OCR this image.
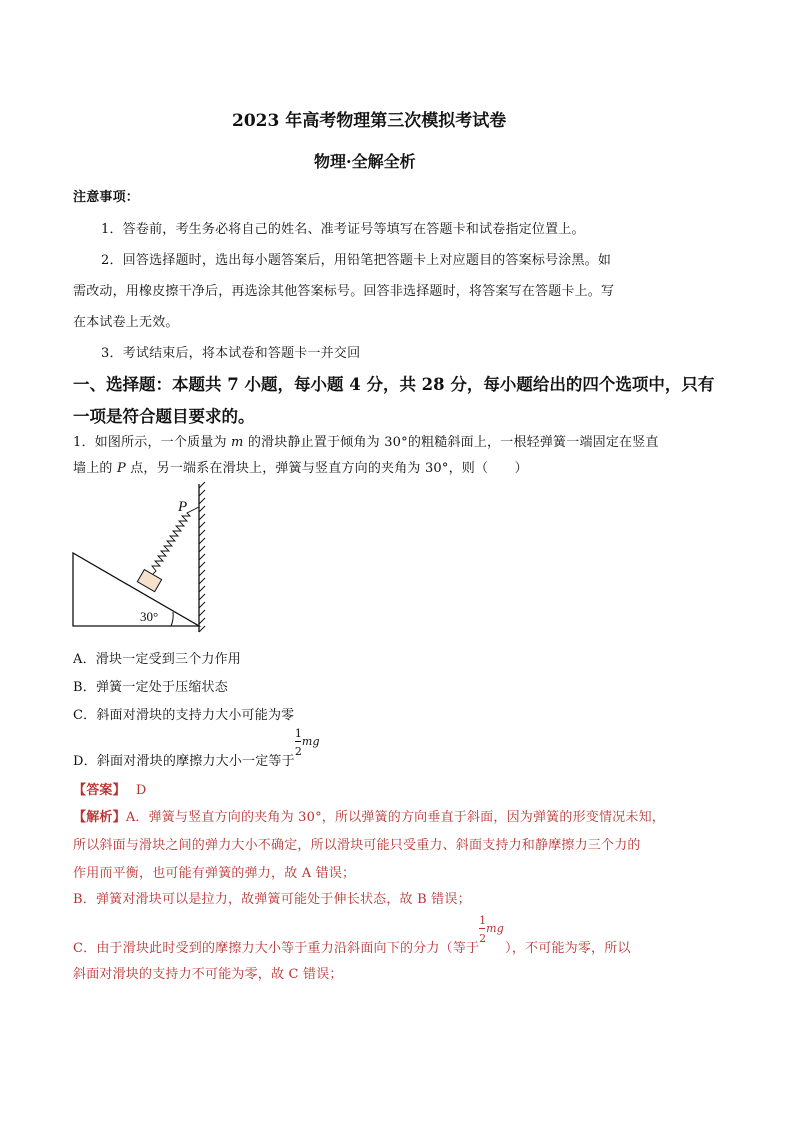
2023 年高考物理第三次模拟考试卷
物理·全解全析
注意事项：
1．答卷前，考生务必将自己的姓名、准考证号等填写在答题卡和试卷指定位置上。
2．回答选择题时，选出每小题答案后，用铅笔把答题卡上对应题目的答案标号涂黑。如
需改动，用橡皮擦干净后，再选涂其他答案标号。回答非选择题时，将答案写在答题卡上。写
在本试卷上无效。
3．考试结束后，将本试卷和答题卡一并交回
一、选择题：本题共 7 小题，每小题 4 分，共 28 分，每小题给出的四个选项中，只有
一项是符合题目要求的。
1．如图所示，一个质量为 m 的滑块静止置于倾角为 30°的粗糙斜面上，一根轻弹簧一端固定在竖直
墙上的 P 点，另一端系在滑块上，弹簧与竖直方向的夹角为 30°，则（　　）
P
30°
A．滑块一定受到三个力作用
B．弹簧一定处于压缩状态
C．斜面对滑块的支持力大小可能为零
D．斜面对滑块的摩擦力大小一定等于
1
2
mg
【答案】 D
【解析】A．弹簧与竖直方向的夹角为 30°，所以弹簧的方向垂直于斜面，因为弹簧的形变情况未知，
所以斜面与滑块之间的弹力大小不确定，所以滑块可能只受重力、斜面支持力和静摩擦力三个力的
作用而平衡，也可能有弹簧的弹力，故 A 错误；
B．弹簧对滑块可以是拉力，故弹簧可能处于伸长状态，故 B 错误；
C．由于滑块此时受到的摩擦力大小等于重力沿斜面向下的分力（等于
1
2
mg
），不可能为零，所以
斜面对滑块的支持力不可能为零，故 C 错误；
